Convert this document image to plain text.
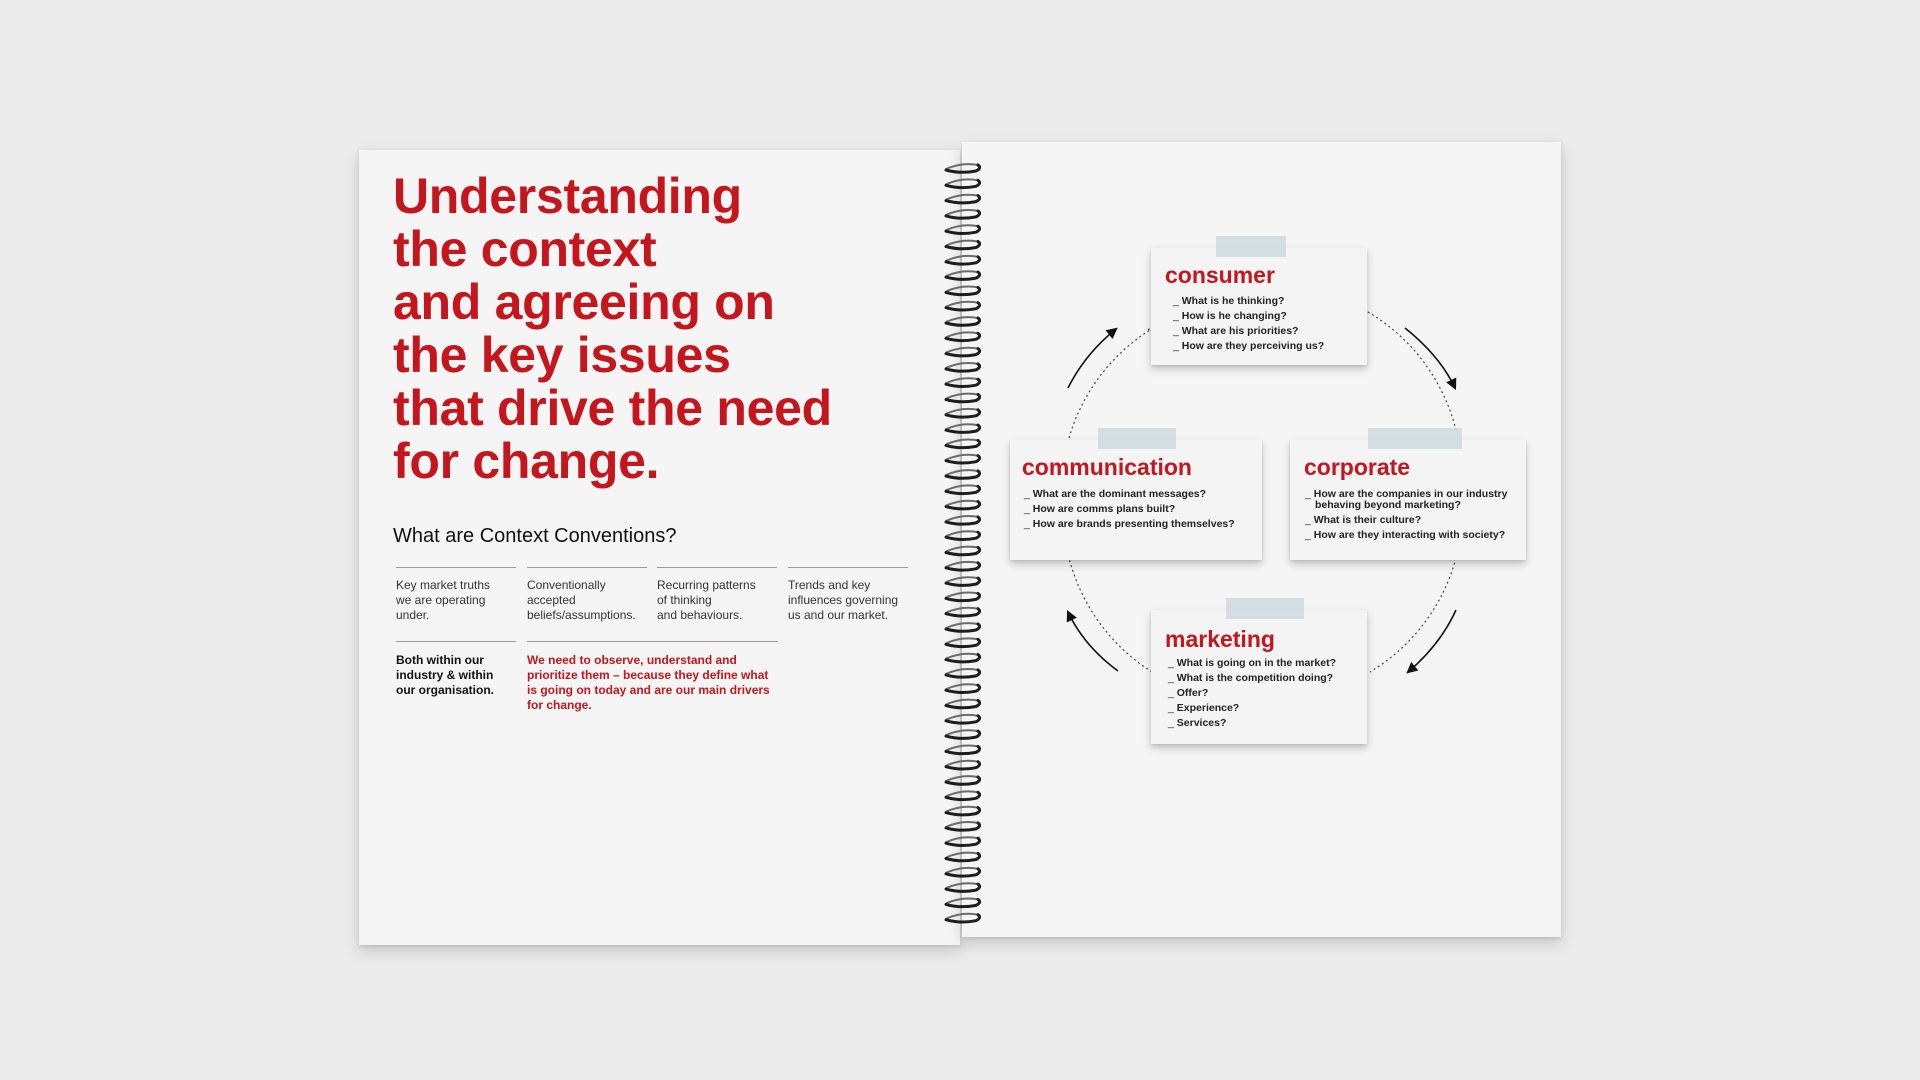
Understanding
the context
and agreeing on
the key issues
that drive the need
for change.
What are Context Conventions?
Key market truths
we are operating
under.
Conventionally
accepted
beliefs/assumptions.
Recurring patterns
of thinking
and behaviours.
Trends and key
influences governing
us and our market.
Both within our
industry & within
our organisation.
We need to observe, understand and
prioritize them – because they define what
is going on today and are our main drivers
for change.
consumer
_ What is he thinking?
_ How is he changing?
_ What are his priorities?
_ How are they perceiving us?
communication
_ What are the dominant messages?
_ How are comms plans built?
_ How are brands presenting themselves?
corporate
_ How are the companies in our industry behaving beyond marketing?
_ What is their culture?
_ How are they interacting with society?
marketing
_ What is going on in the market?
_ What is the competition doing?
_ Offer?
_ Experience?
_ Services?
